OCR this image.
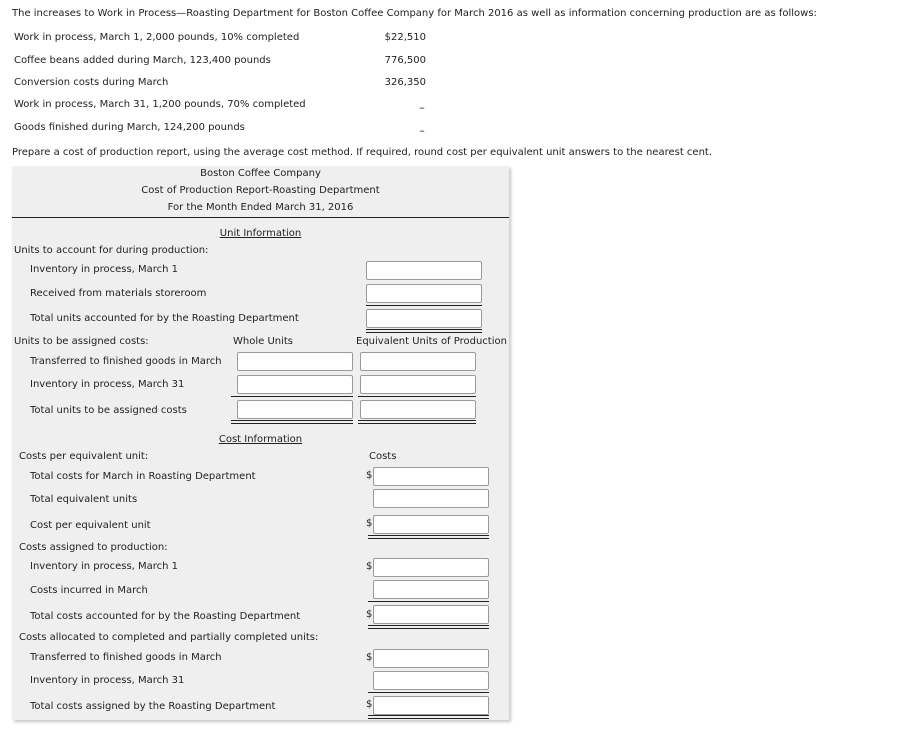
The increases to Work in Process—Roasting Department for Boston Coffee Company for March 2016 as well as information concerning production are as follows:
Work in process, March 1, 2,000 pounds, 10% completed	$22,510
Coffee beans added during March, 123,400 pounds	776,500
Conversion costs during March	326,350
Work in process, March 31, 1,200 pounds, 70% completed	–
Goods finished during March, 124,200 pounds	–
Prepare a cost of production report, using the average cost method. If required, round cost per equivalent unit answers to the nearest cent.
Boston Coffee Company
Cost of Production Report-Roasting Department
For the Month Ended March 31, 2016
Unit Information
Units to account for during production:
Inventory in process, March 1
Received from materials storeroom
Total units accounted for by the Roasting Department
Units to be assigned costs:	Whole Units	Equivalent Units of Production
Transferred to finished goods in March
Inventory in process, March 31
Total units to be assigned costs
Cost Information
Costs per equivalent unit:	Costs
Total costs for March in Roasting Department	$
Total equivalent units
Cost per equivalent unit	$
Costs assigned to production:
Inventory in process, March 1	$
Costs incurred in March
Total costs accounted for by the Roasting Department	$
Costs allocated to completed and partially completed units:
Transferred to finished goods in March	$
Inventory in process, March 31
Total costs assigned by the Roasting Department	$
